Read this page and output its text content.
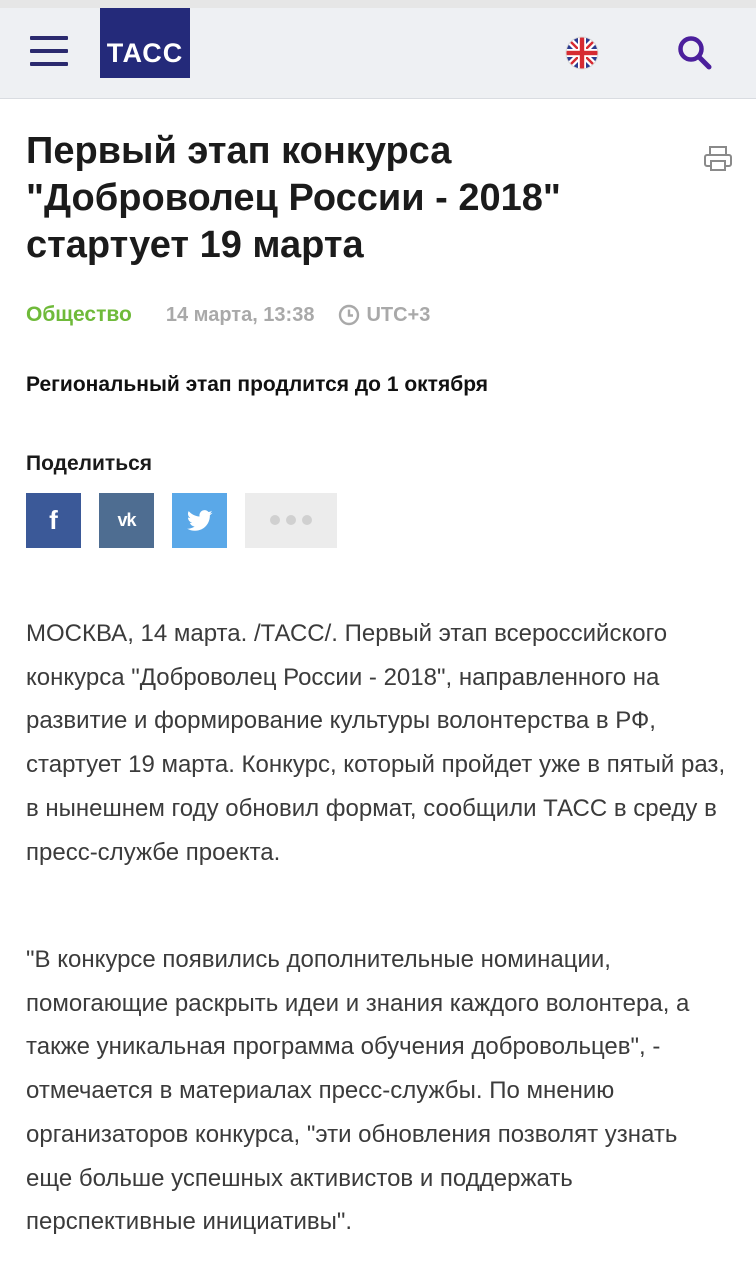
ТАСС
Первый этап конкурса "Доброволец России - 2018" стартует 19 марта
Общество 14 марта, 13:38	UTC+3

Региональный этап продлится до 1 октября

Поделиться
f	vk

МОСКВА, 14 марта. /ТАСС/. Первый этап всероссийского конкурса "Доброволец России - 2018", направленного на развитие и формирование культуры волонтерства в РФ, стартует 19 марта. Конкурс, который пройдет уже в пятый раз, в нынешнем году обновил формат, сообщили ТАСС в среду в пресс-службе проекта.

"В конкурсе появились дополнительные номинации, помогающие раскрыть идеи и знания каждого волонтера, а также уникальная программа обучения добровольцев", - отмечается в материалах пресс-службы. По мнению организаторов конкурса, "эти обновления позволят узнать еще больше успешных активистов и поддержать перспективные инициативы".
